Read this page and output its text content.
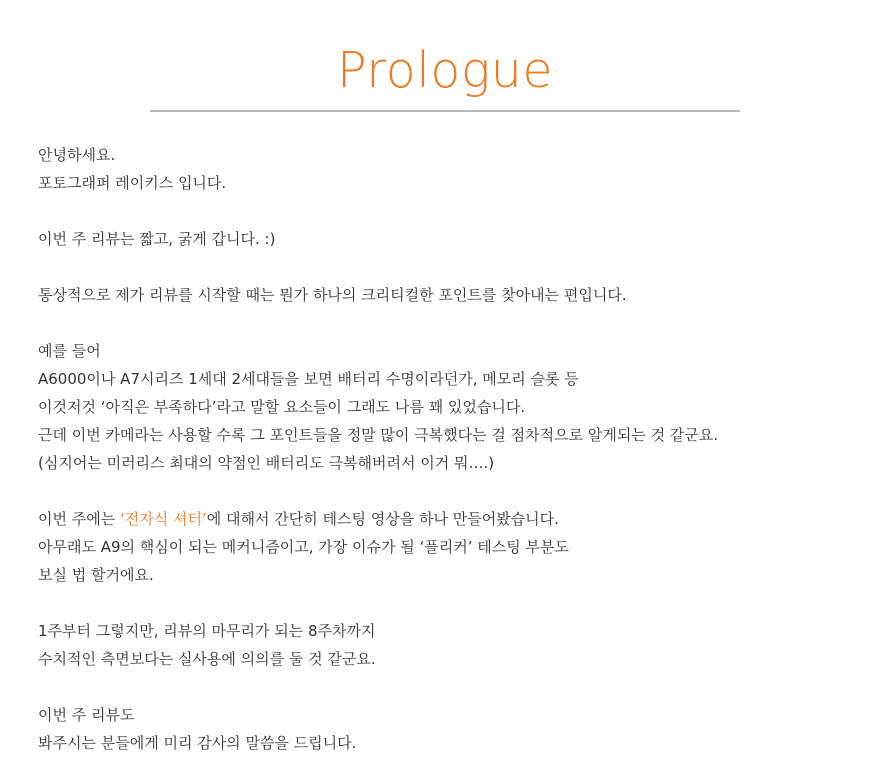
Prologue
안녕하세요.
포토그래퍼 레이키스 입니다.
이번 주 리뷰는 짧고, 굵게 갑니다. :)
통상적으로 제가 리뷰를 시작할 때는 뭔가 하나의 크리티컬한 포인트를 찾아내는 편입니다.
예를 들어
A6000이나 A7시리즈 1세대 2세대들을 보면 배터리 수명이라던가, 메모리 슬롯 등
이것저것 ‘아직은 부족하다’라고 말할 요소들이 그래도 나름 꽤 있었습니다.
근데 이번 카메라는 사용할 수록 그 포인트들을 정말 많이 극복했다는 걸 점차적으로 알게되는 것 같군요.
(심지어는 미러리스 최대의 약점인 배터리도 극복해버려서 이거 뭐….)
이번 주에는 ‘전자식 셔터’에 대해서 간단히 테스팅 영상을 하나 만들어봤습니다.
아무래도 A9의 핵심이 되는 메커니즘이고, 가장 이슈가 될 ‘플리커’ 테스팅 부분도
보실 법 할거에요.
1주부터 그렇지만, 리뷰의 마무리가 되는 8주차까지
수치적인 측면보다는 실사용에 의의를 둘 것 같군요.
이번 주 리뷰도
봐주시는 분들에게 미리 감사의 말씀을 드립니다.
